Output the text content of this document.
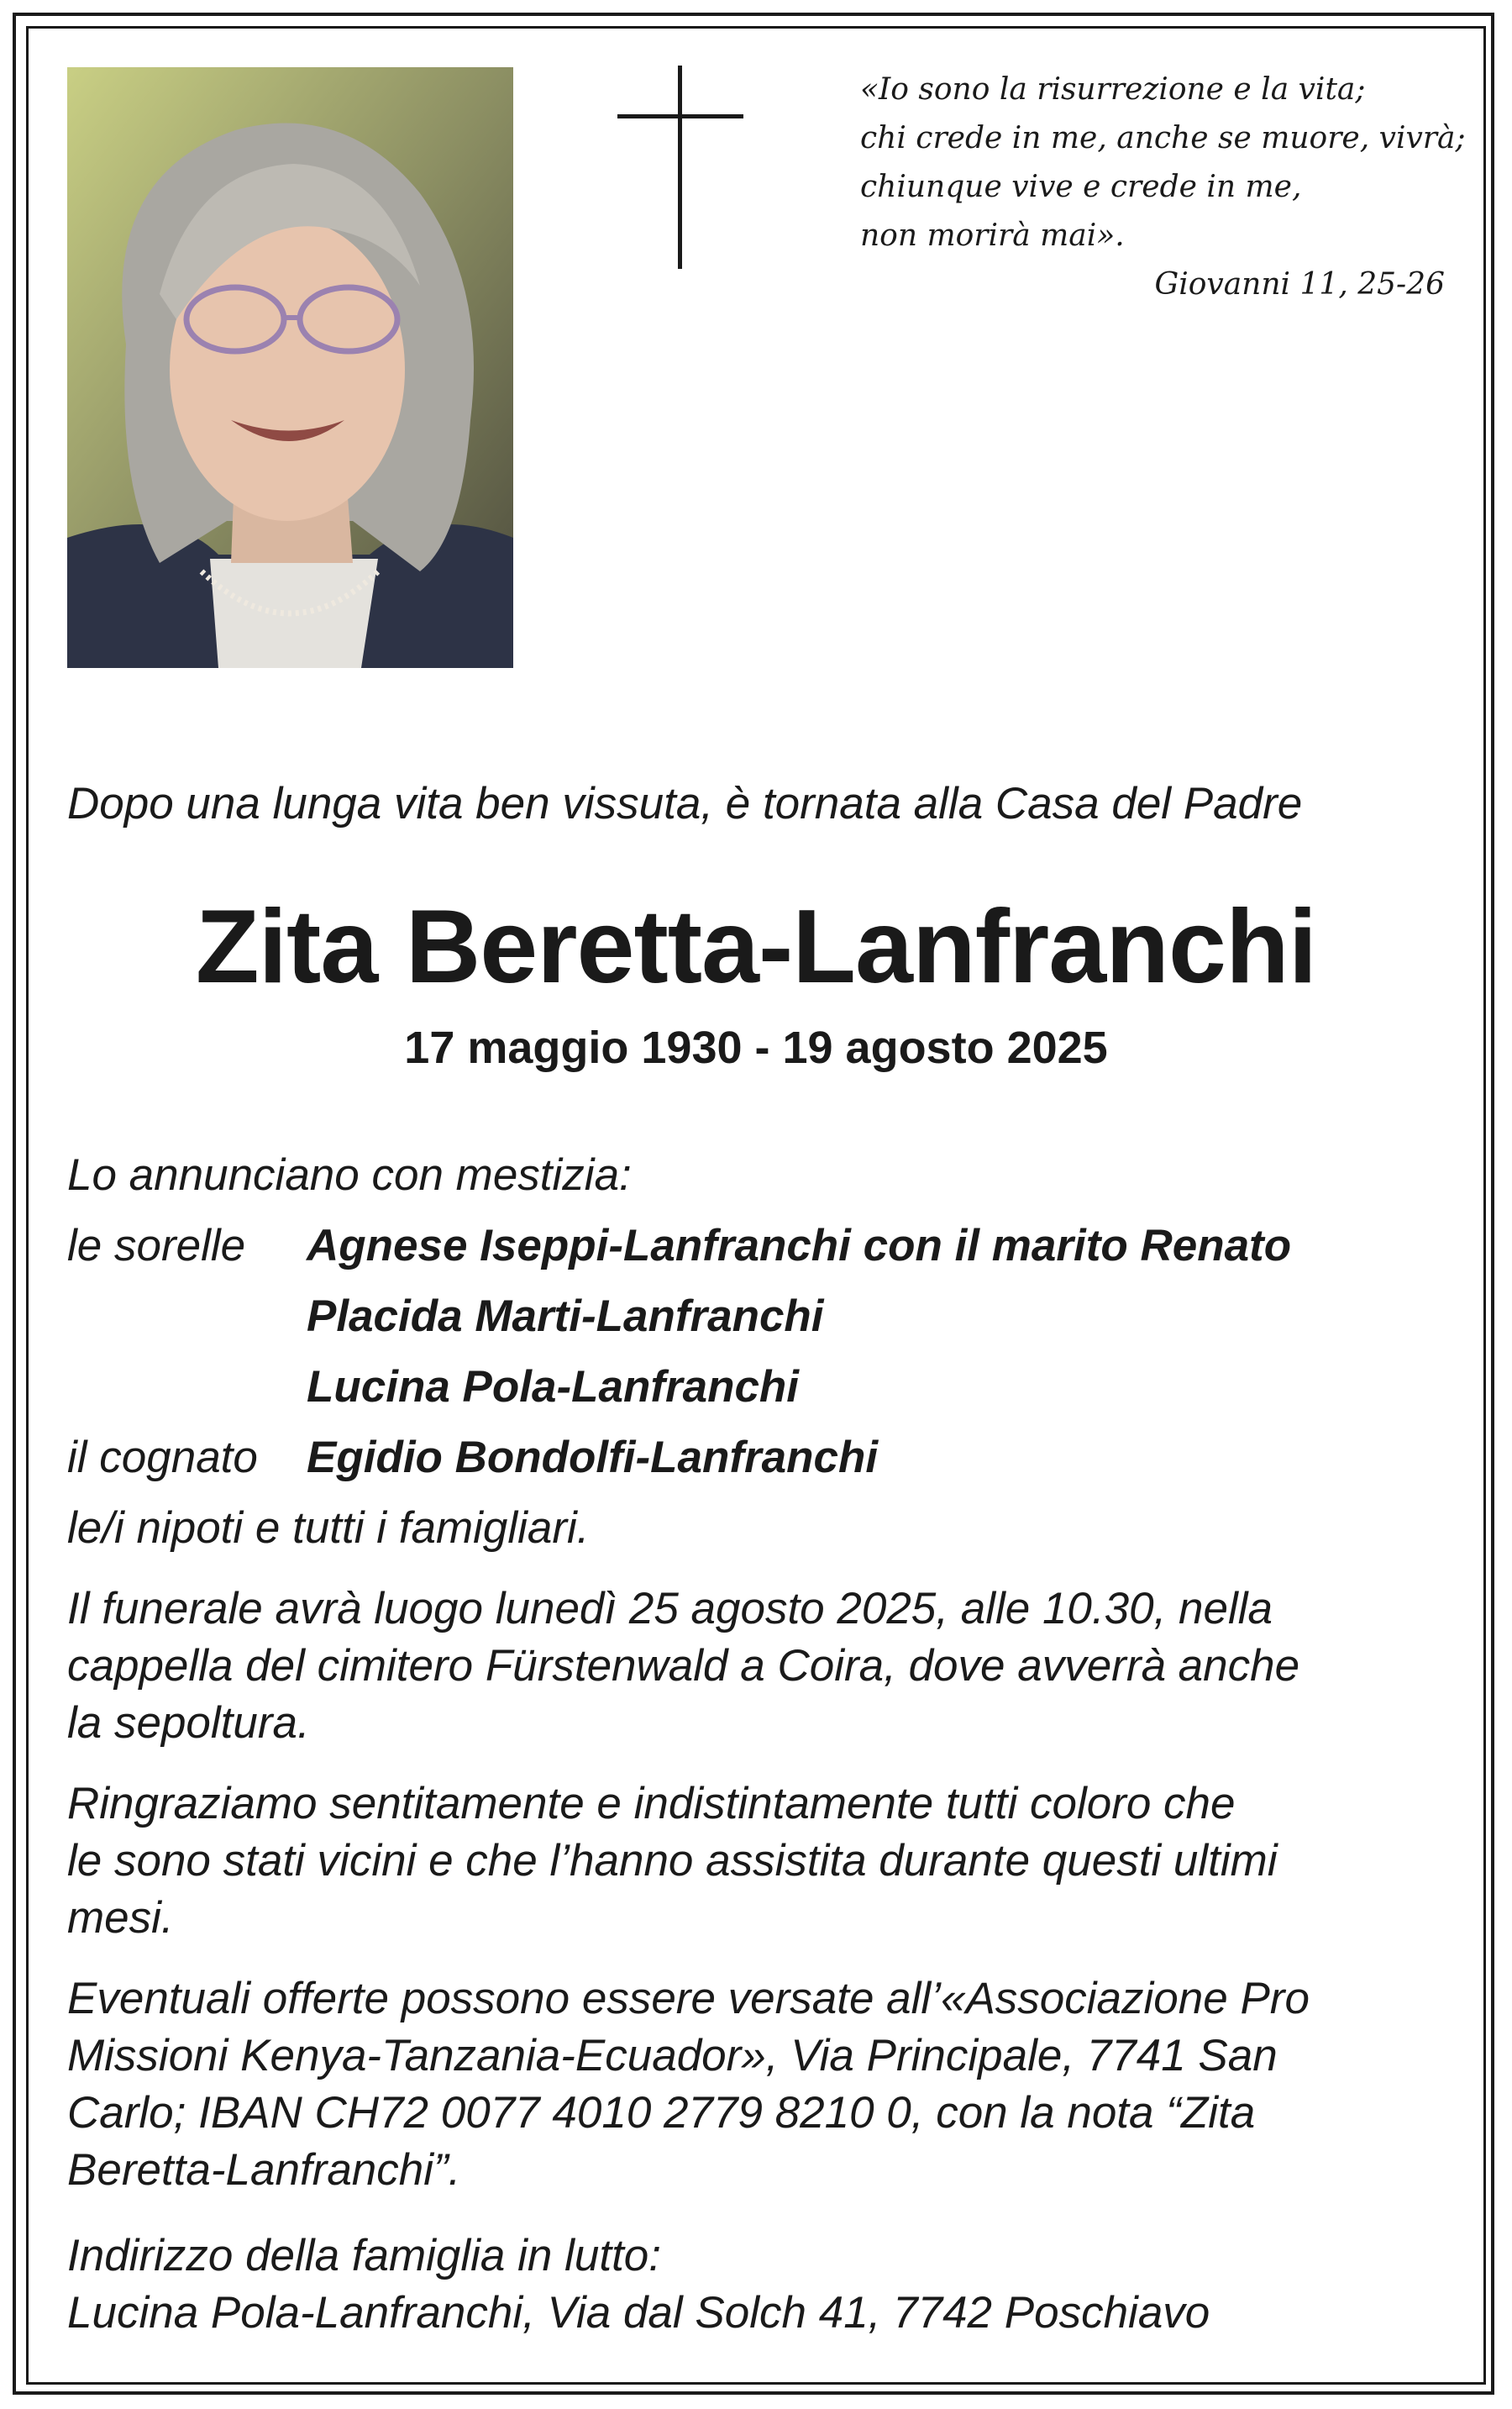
«Io sono la risurrezione e la vita;
chi crede in me, anche se muore, vivrà;
chiunque vive e crede in me,
non morirà mai».
Giovanni 11, 25-26
Dopo una lunga vita ben vissuta, è tornata alla Casa del Padre
Zita Beretta-Lanfranchi
17 maggio 1930 - 19 agosto 2025
Lo annunciano con mestizia:
le sorelle Agnese Iseppi-Lanfranchi con il marito Renato
Placida Marti-Lanfranchi
Lucina Pola-Lanfranchi
il cognato Egidio Bondolfi-Lanfranchi
le/i nipoti e tutti i famigliari.

Il funerale avrà luogo lunedì 25 agosto 2025, alle 10.30, nella

cappella del cimitero Fürstenwald a Coira, dove avverrà anche

la sepoltura.

Ringraziamo sentitamente e indistintamente tutti coloro che

le sono stati vicini e che l’hanno assistita durante questi ultimi

mesi.

Eventuali offerte possono essere versate all’«Associazione Pro

Missioni Kenya-Tanzania-Ecuador», Via Principale, 7741 San

Carlo; IBAN CH72 0077 4010 2779 8210 0, con la nota “Zita

Beretta-Lanfranchi”.

Indirizzo della famiglia in lutto:

Lucina Pola-Lanfranchi, Via dal Solch 41, 7742 Poschiavo
